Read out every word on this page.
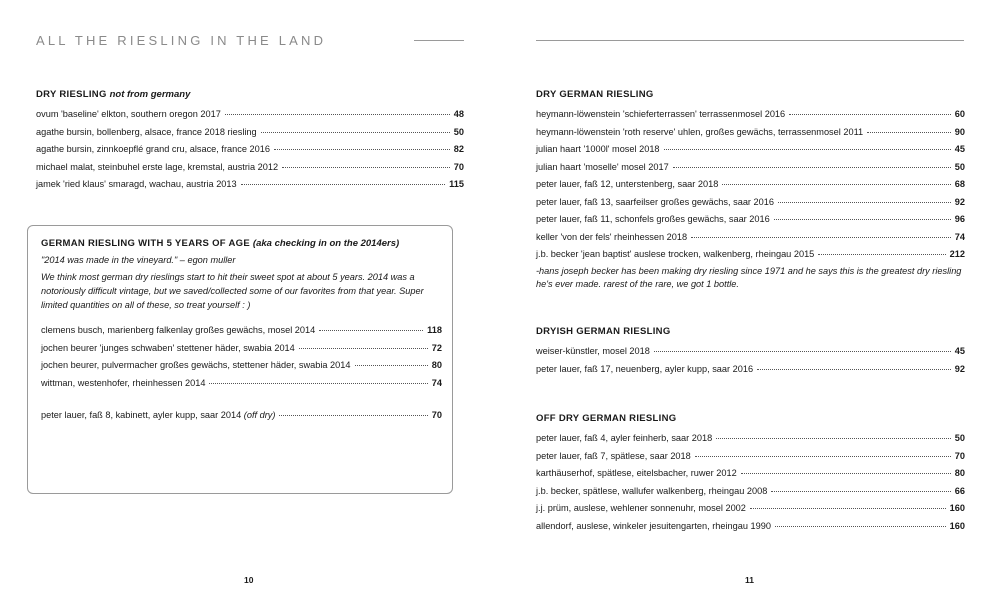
ALL THE RIESLING IN THE LAND
DRY RIESLING not from germany
ovum 'baseline' elkton, southern oregon 2017	48
agathe bursin, bollenberg, alsace, france 2018 riesling	50
agathe bursin, zinnkoepflé grand cru, alsace, france 2016	82
michael malat, steinbuhel erste lage, kremstal, austria 2012	70
jamek 'ried klaus' smaragd, wachau, austria 2013	115
GERMAN RIESLING WITH 5 YEARS OF AGE (aka checking in on the 2014ers)
"2014 was made in the vineyard." – egon muller
We think most german dry rieslings start to hit their sweet spot at about 5 years. 2014 was a notoriously difficult vintage, but we saved/collected some of our favorites from that year. Super limited quantities on all of these, so treat yourself : )
clemens busch, marienberg falkenlay großes gewächs, mosel 2014	118
jochen beurer 'junges schwaben' stettener häder, swabia 2014	72
jochen beurer, pulvermacher großes gewächs, stettener häder, swabia 2014	80
wittman, westenhofer, rheinhessen 2014	74
peter lauer, faß 8, kabinett, ayler kupp, saar 2014 (off dry)	70
10
DRY GERMAN RIESLING
heymann-löwenstein 'schieferterrassen' terrassenmosel 2016	60
heymann-löwenstein 'roth reserve' uhlen, großes gewächs, terrassenmosel 2011	90
julian haart '1000l' mosel 2018	45
julian haart 'moselle' mosel 2017	50
peter lauer, faß 12, unterstenberg, saar 2018	68
peter lauer, faß 13, saarfeilser großes gewächs, saar 2016	92
peter lauer, faß 11, schonfels großes gewächs, saar 2016	96
keller 'von der fels' rheinhessen 2018	74
j.b. becker 'jean baptist' auslese trocken, walkenberg, rheingau 2015	212
-hans joseph becker has been making dry riesling since 1971 and he says this is the greatest dry riesling he's ever made. rarest of the rare, we got 1 bottle.
DRYISH GERMAN RIESLING
weiser-künstler, mosel 2018	45
peter lauer, faß 17, neuenberg, ayler kupp, saar 2016	92
OFF DRY GERMAN RIESLING
peter lauer, faß 4, ayler feinherb, saar 2018	50
peter lauer, faß 7, spätlese, saar 2018	70
karthäuserhof, spätlese, eitelsbacher, ruwer 2012	80
j.b. becker, spätlese, wallufer walkenberg, rheingau 2008	66
j.j. prüm, auslese, wehlener sonnenuhr, mosel 2002	160
allendorf, auslese, winkeler jesuitengarten, rheingau 1990	160
11
